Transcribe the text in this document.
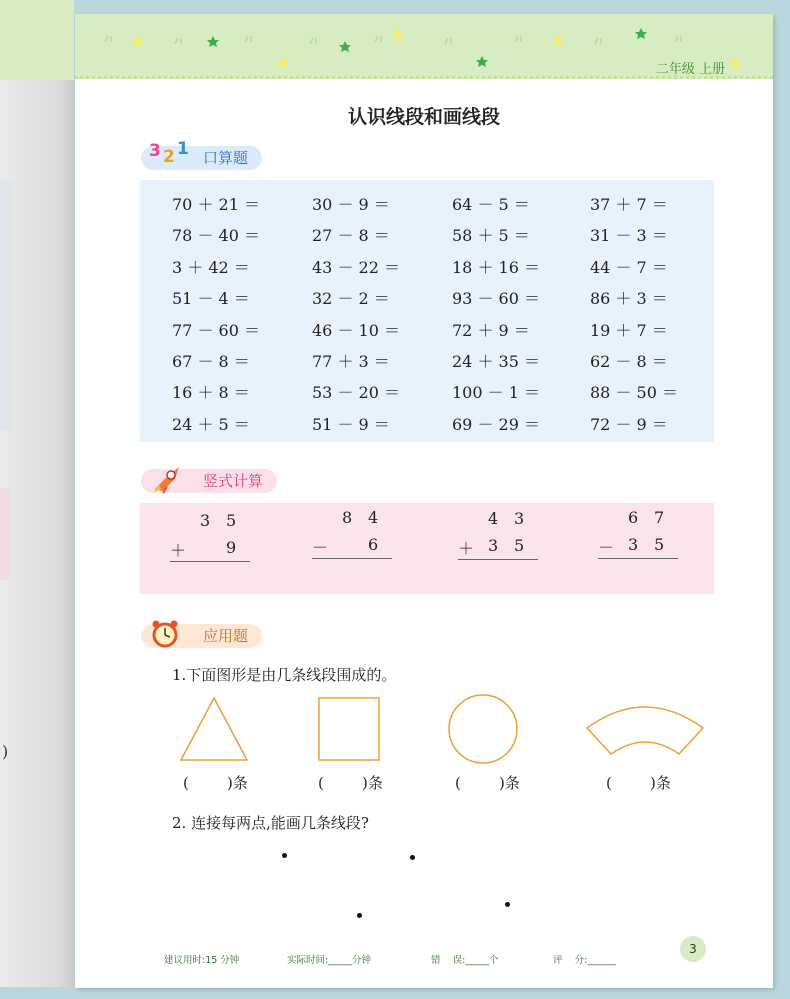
)
二年级 上册
认识线段和画线段
3 2 1 口算题
70 ＋ 21 ＝	30 － 9 ＝	64 － 5 ＝	37 ＋ 7 ＝
78 － 40 ＝	27 － 8 ＝	58 ＋ 5 ＝	31 － 3 ＝
3 ＋ 42 ＝	43 － 22 ＝	18 ＋ 16 ＝	44 － 7 ＝
51 － 4 ＝	32 － 2 ＝	93 － 60 ＝	86 ＋ 3 ＝
77 － 60 ＝	46 － 10 ＝	72 ＋ 9 ＝	19 ＋ 7 ＝
67 － 8 ＝	77 ＋ 3 ＝	24 ＋ 35 ＝	62 － 8 ＝
16 ＋ 8 ＝	53 － 20 ＝	100 － 1 ＝	88 － 50 ＝
24 ＋ 5 ＝	51 － 9 ＝	69 － 29 ＝	72 － 9 ＝
竖式计算
3 5
＋ 9
8 4
－ 6
4 3
＋ 3 5
6 7
－ 3 5
应用题
1.下面图形是由几条线段围成的。
(        )条	(        )条	(        )条	(        )条
2. 连接每两点,能画几条线段?
建议用时:15 分钟	实际时间:_____分钟	错    误:_____个	评    分:______
3
